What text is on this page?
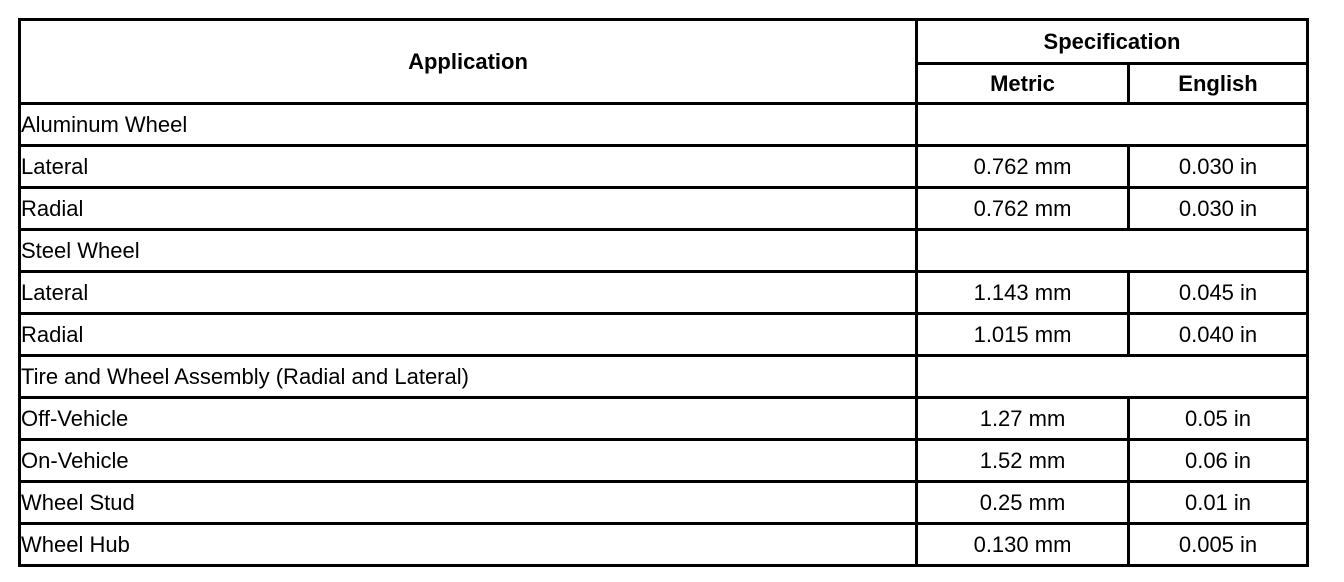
Application	Specification	
	Metric	English
Aluminum Wheel		
Lateral	0.762 mm	0.030 in
Radial	0.762 mm	0.030 in
Steel Wheel		
Lateral	1.143 mm	0.045 in
Radial	1.015 mm	0.040 in
Tire and Wheel Assembly (Radial and Lateral)		
Off-Vehicle	1.27 mm	0.05 in
On-Vehicle	1.52 mm	0.06 in
Wheel Stud	0.25 mm	0.01 in
Wheel Hub	0.130 mm	0.005 in
